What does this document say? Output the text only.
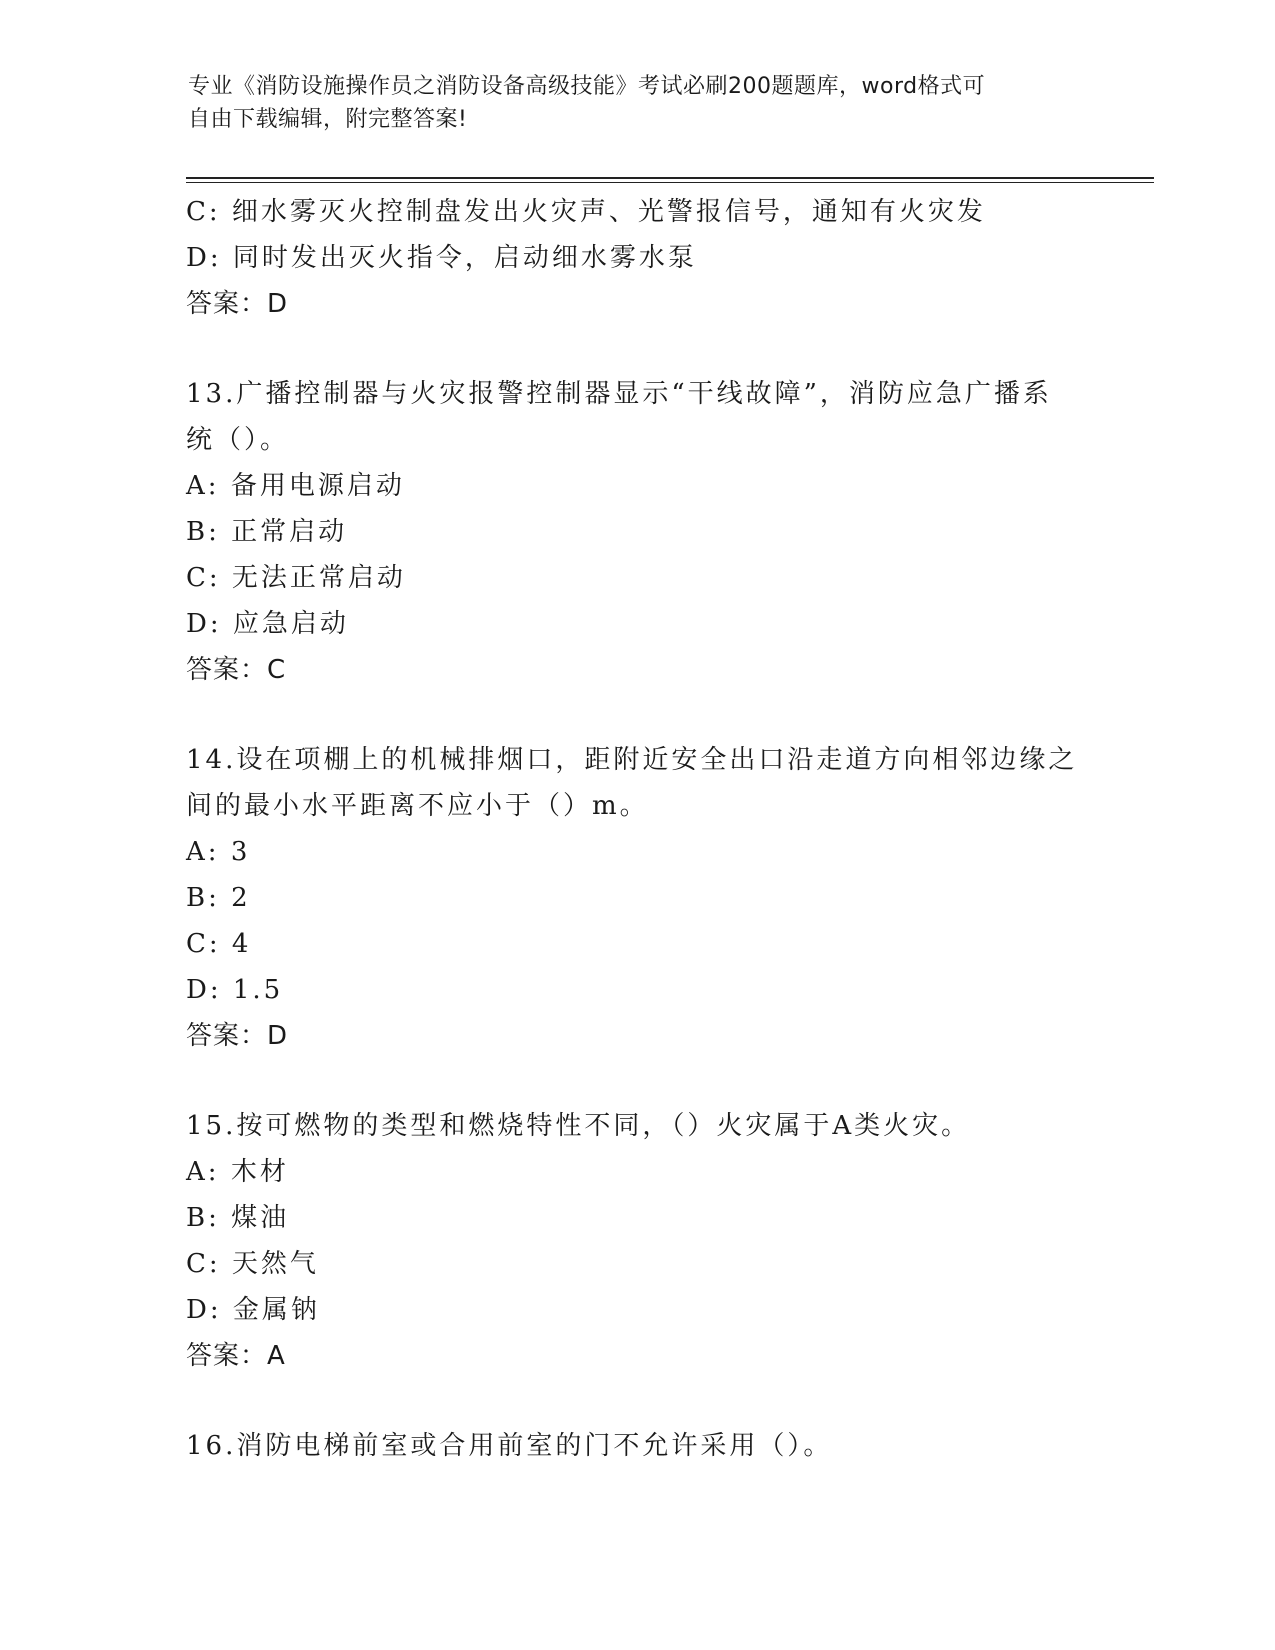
专业《消防设施操作员之消防设备高级技能》考试必刷200题题库，word格式可
自由下载编辑，附完整答案!
C: 细水雾灭火控制盘发出火灾声、光警报信号，通知有火灾发
D: 同时发出灭火指令，启动细水雾水泵
答案：D
13.广播控制器与火灾报警控制器显示“干线故障”，消防应急广播系
统（）。
A: 备用电源启动
B: 正常启动
C: 无法正常启动
D: 应急启动
答案：C
14.设在项棚上的机械排烟口，距附近安全出口沿走道方向相邻边缘之
间的最小水平距离不应小于（）m。
A: 3
B: 2
C: 4
D: 1.5
答案：D
15.按可燃物的类型和燃烧特性不同，（）火灾属于A类火灾。
A: 木材
B: 煤油
C: 天然气
D: 金属钠
答案：A
16.消防电梯前室或合用前室的门不允许采用（）。
